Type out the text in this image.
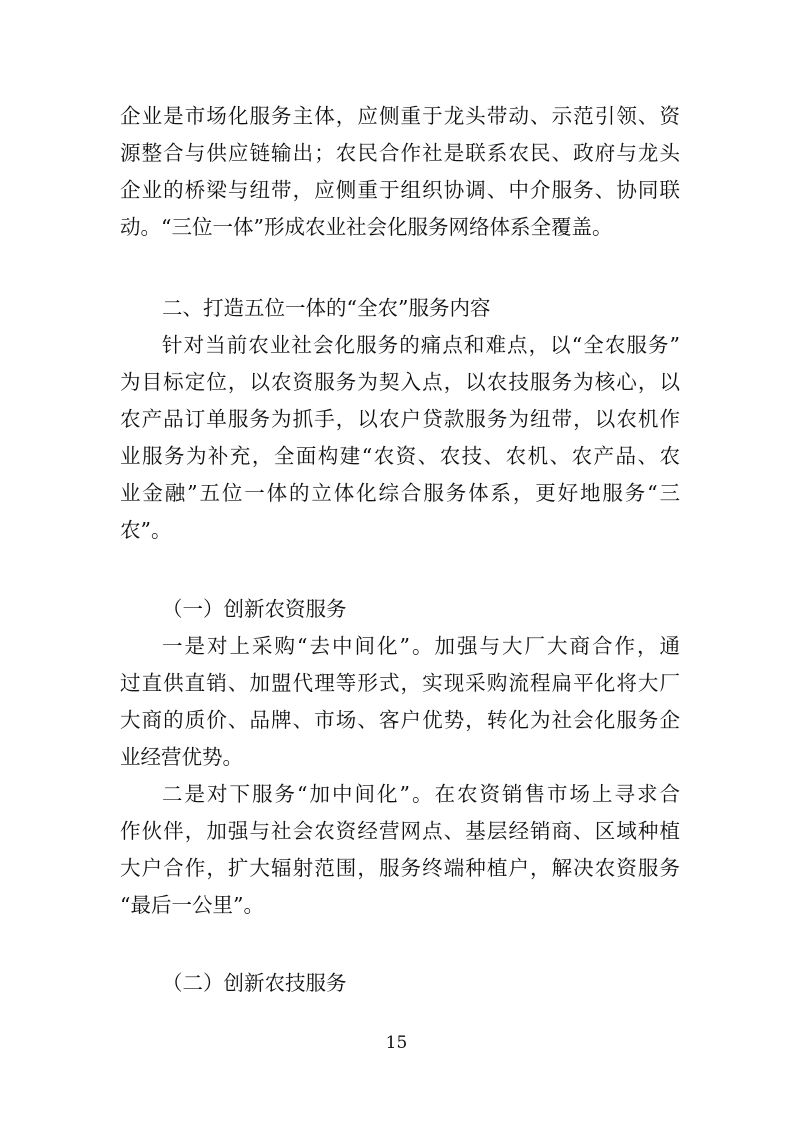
企业是市场化服务主体，应侧重于龙头带动、示范引领、资
源整合与供应链输出；农民合作社是联系农民、政府与龙头
企业的桥梁与纽带，应侧重于组织协调、中介服务、协同联
动。“三位一体”形成农业社会化服务网络体系全覆盖。
二、打造五位一体的“全农”服务内容
针对当前农业社会化服务的痛点和难点，以“全农服务”
为目标定位，以农资服务为契入点，以农技服务为核心，以
农产品订单服务为抓手，以农户贷款服务为纽带，以农机作
业服务为补充，全面构建“农资、农技、农机、农产品、农
业金融”五位一体的立体化综合服务体系，更好地服务“三
农”。
（一）创新农资服务
一是对上采购“去中间化”。加强与大厂大商合作，通
过直供直销、加盟代理等形式，实现采购流程扁平化将大厂
大商的质价、品牌、市场、客户优势，转化为社会化服务企
业经营优势。
二是对下服务“加中间化”。在农资销售市场上寻求合
作伙伴，加强与社会农资经营网点、基层经销商、区域种植
大户合作，扩大辐射范围，服务终端种植户，解决农资服务
“最后一公里”。
（二）创新农技服务
15
